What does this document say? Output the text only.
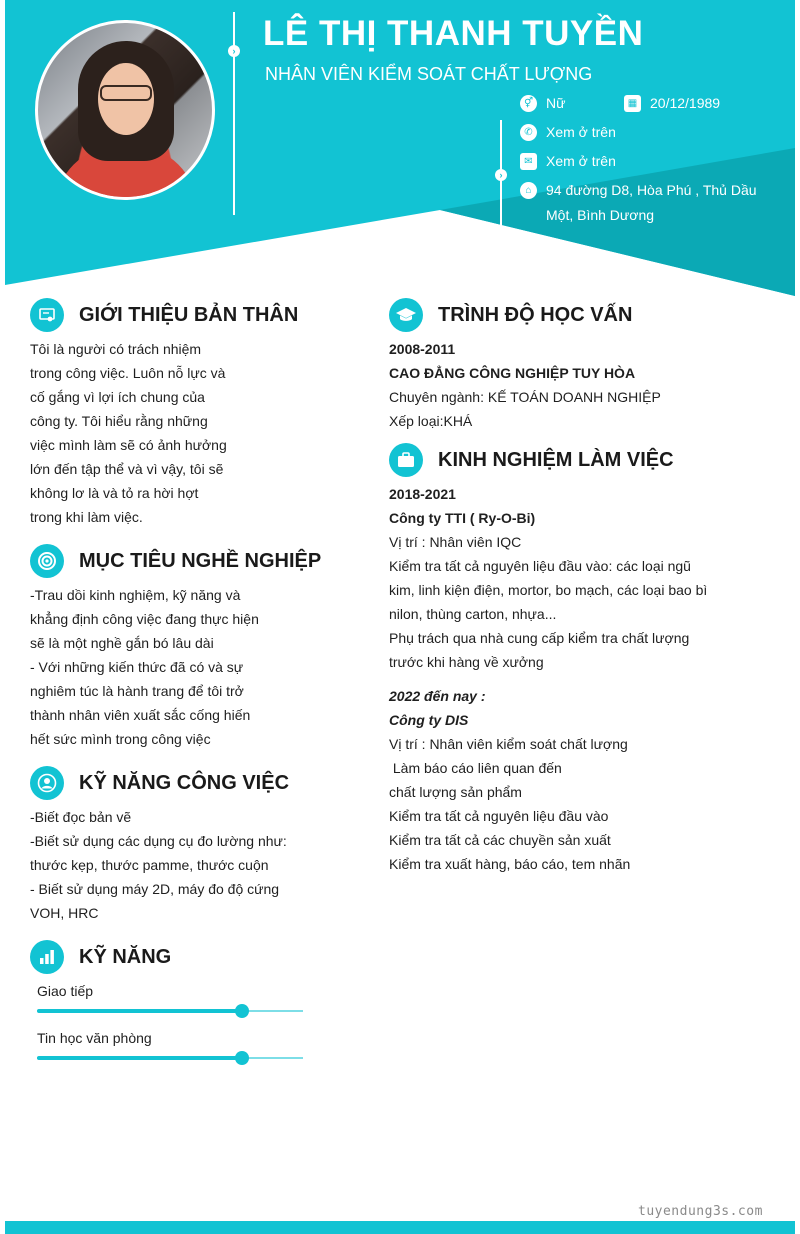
›
›
LÊ THỊ THANH TUYỀN
NHÂN VIÊN KIỂM SOÁT CHẤT LƯỢNG
⚥ Nữ	▦ 20/12/1989
✆ Xem ở trên
✉ Xem ở trên
⌂	94 đường D8, Hòa Phú , Thủ Dầu
Một, Bình Dương
GIỚI THIỆU BẢN THÂN
Tôi là người có trách nhiệm
trong công việc. Luôn nỗ lực và
cố gắng vì lợi ích chung của
công ty. Tôi hiểu rằng những
việc mình làm sẽ có ảnh hưởng
lớn đến tập thể và vì vậy, tôi sẽ
không lơ là và tỏ ra hời hợt
trong khi làm việc.
MỤC TIÊU NGHỀ NGHIỆP
-Trau dồi kinh nghiệm, kỹ năng và
khẳng định công việc đang thực hiện
sẽ là một nghề gắn bó lâu dài
- Với những kiến thức đã có và sự
nghiêm túc là hành trang để tôi trở
thành nhân viên xuất sắc cống hiến
hết sức mình trong công việc
KỸ NĂNG CÔNG VIỆC
-Biết đọc bản vẽ
-Biết sử dụng các dụng cụ đo lường như:
thước kẹp, thước pamme, thước cuộn
- Biết sử dụng máy 2D, máy đo độ cứng
VOH, HRC
KỸ NĂNG
Giao tiếp
Tin học văn phòng
TRÌNH ĐỘ HỌC VẤN
2008-2011
CAO ĐẲNG CÔNG NGHIỆP TUY HÒA
Chuyên ngành: KẾ TOÁN DOANH NGHIỆP
Xếp loại:KHÁ
KINH NGHIỆM LÀM VIỆC
2018-2021
Công ty TTI ( Ry-O-Bi)
Vị trí : Nhân viên IQC
Kiểm tra tất cả nguyên liệu đầu vào: các loại ngũ
kim, linh kiện điện, mortor, bo mạch, các loại bao bì
nilon, thùng carton, nhựa...
Phụ trách qua nhà cung cấp kiểm tra chất lượng
trước khi hàng về xưởng
2022 đến nay :
Công ty DIS
Vị trí : Nhân viên kiểm soát chất lượng
Làm báo cáo liên quan đến
chất lượng sản phẩm
Kiểm tra tất cả nguyên liệu đầu vào
Kiểm tra tất cả các chuyền sản xuất
Kiểm tra xuất hàng, báo cáo, tem nhãn
tuyendung3s.com
